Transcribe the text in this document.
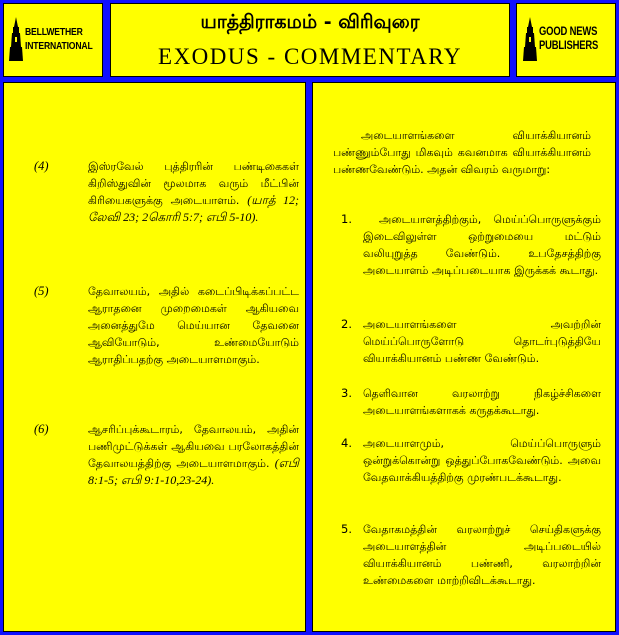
BELLWETHER
INTERNATIONAL
யாத்திராகமம் - விரிவுரை
EXODUS - COMMENTARY
GOOD NEWS
PUBLISHERS
(4)	இஸ்ரவேல் புத்திரரின் பண்டிகைகள் கிறிஸ்துவின் மூலமாக வரும் மீட்பின் கிரியைகளுக்கு அடையாளம். (யாத் 12; லேவி 23; 2கொரி 5:7; எபி 5-10).
(5)	தேவாலயம், அதில் கடைப்பிடிக்கப்பட்ட ஆராதனை முறைமைகள் ஆகியவை அனைத்துமே மெய்யான தேவனை ஆவியோடும், உண்மையோடும் ஆராதிப்பதற்கு அடையாளமாகும்.
(6)	ஆசரிப்புக்கூடாரம், தேவாலயம், அதின் பணிமுட்டுக்கள் ஆகியவை பரலோகத்தின் தேவாலயத்திற்கு அடையாளமாகும். (எபி 8:1-5; எபி 9:1-10,23-24).
அடையாளங்களை வியாக்கியானம் பண்ணும்போது மிகவும் கவனமாக வியாக்கியானம் பண்ணவேண்டும். அதன் விவரம் வருமாறு:
1.	அடையாளத்திற்கும், மெய்ப்பொருளுக்கும் இடைவிலுள்ள ஒற்றுமையை மட்டும் வலியுறுத்த வேண்டும். உபதேசத்திற்கு அடையாளம் அடிப்படையாக இருக்கக் கூடாது.
2. அடையாளங்களை அவற்றின் மெய்ப்பொருளோடு தொடர்புடுத்தியே வியாக்கியானம் பண்ண வேண்டும்.
3. தெளிவான வரலாற்று நிகழ்ச்சிகளை அடையாளங்களாகக் கருதக்கூடாது.
4. அடையாளமும், மெய்ப்பொருளும் ஒன்றுக்கொன்று ஒத்துப்போகவேண்டும். அவை வேதவாக்கியத்திற்கு முரண்படக்கூடாது.
5. வேதாகமத்தின் வரலாற்றுச் செய்திகளுக்கு அடையாளத்தின் அடிப்படையில் வியாக்கியானம் பண்ணி, வரலாற்றின் உண்மைகளை மாற்றிவிடக்கூடாது.
